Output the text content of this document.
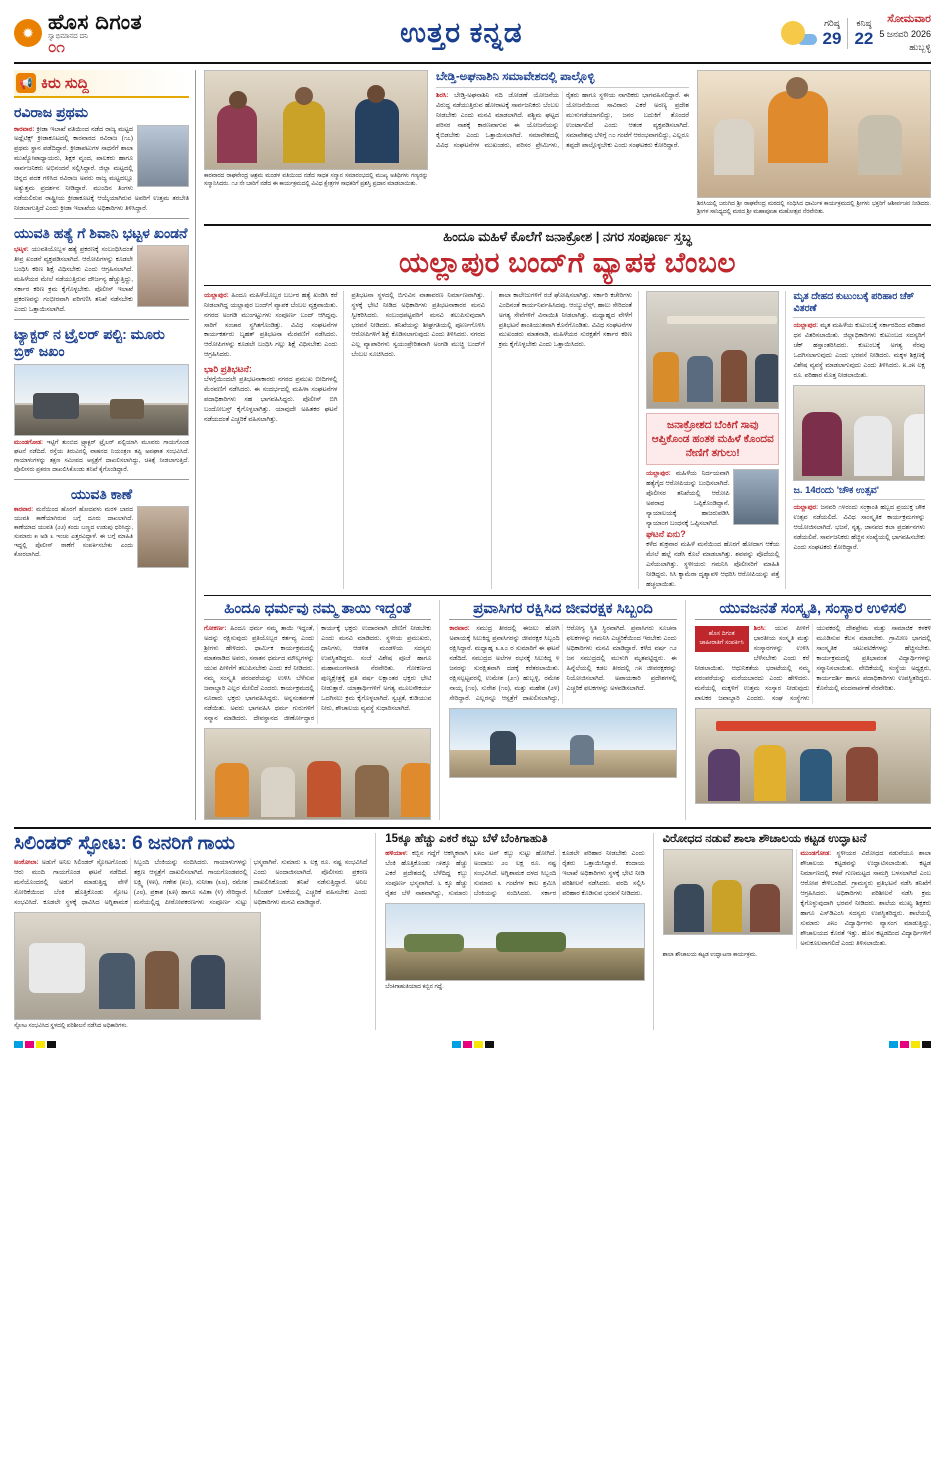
✹ ಹೊಸ ದಿಗಂತ
ಸ್ವಾಭಿಮಾನದ ದನಿ
೦೧	ಉತ್ತರ ಕನ್ನಡ	ಗರಿಷ್ಠ
29
ಕನಿಷ್ಠ
22
ಸೋಮವಾರ
5 ಜನವರಿ 2026
ಹುಬ್ಬಳ್ಳಿ
📢 ಕಿರು ಸುದ್ದಿ
ರವಿರಾಜ ಪ್ರಥಮ
ಕಾರವಾರ: ಕ್ರೀಡಾ ಇಲಾಖೆ ವತಿಯಿಂದ ನಡೆದ ರಾಜ್ಯ ಮಟ್ಟದ ಅಥ್ಲೆಟಿಕ್ಸ್ ಕ್ರೀಡಾಕೂಟದಲ್ಲಿ ಕಾರವಾರದ ರವಿರಾಜ (೧೭) ಪ್ರಥಮ ಸ್ಥಾನ ಪಡೆದಿದ್ದಾರೆ. ಕ್ರೀಡಾಪಟುಗಳ ಸಾಧನೆಗೆ ಶಾಲಾ ಮುಖ್ಯೋಪಾಧ್ಯಾಯರು, ಶಿಕ್ಷಕ ವೃಂದ, ಪಾಲಕರು ಹಾಗೂ ಸಾರ್ವಜನಿಕರು ಅಭಿನಂದನೆ ಸಲ್ಲಿಸಿದ್ದಾರೆ. ಜಿಲ್ಲಾ ಮಟ್ಟದಲ್ಲಿ ಚಿನ್ನದ ಪದಕ ಗಳಿಸಿದ ರವಿರಾಜ ಅವರು ರಾಜ್ಯ ಮಟ್ಟದಲ್ಲೂ ಅತ್ಯುತ್ತಮ ಪ್ರದರ್ಶನ ನೀಡಿದ್ದಾರೆ. ಮುಂದಿನ ತಿಂಗಳು ನಡೆಯಲಿರುವ ರಾಷ್ಟ್ರೀಯ ಕ್ರೀಡಾಕೂಟಕ್ಕೆ ಆಯ್ಕೆಯಾಗಿರುವ ಅವರಿಗೆ ಉತ್ತಮ ತರಬೇತಿ ನೀಡಲಾಗುತ್ತಿದೆ ಎಂದು ಕ್ರೀಡಾ ಇಲಾಖೆಯ ಅಧಿಕಾರಿಗಳು ತಿಳಿಸಿದ್ದಾರೆ.
ಯುವತಿ ಹತ್ಯೆ ಗೆ ಶಿವಾನಿ ಭಟ್ಟಳ ಖಂಡನೆ
ಭಟ್ಕಳ: ಯುವತಿಯೊಬ್ಬಳ ಹತ್ಯೆ ಪ್ರಕರಣಕ್ಕೆ ಸಂಬಂಧಿಸಿದಂತೆ ತೀವ್ರ ಖಂಡನೆ ವ್ಯಕ್ತಪಡಿಸಲಾಗಿದೆ. ಆರೋಪಿಗಳನ್ನು ಕೂಡಲೇ ಬಂಧಿಸಿ ಕಠಿಣ ಶಿಕ್ಷೆ ವಿಧಿಸಬೇಕು ಎಂದು ಆಗ್ರಹಿಸಲಾಗಿದೆ. ಮಹಿಳೆಯರ ಮೇಲೆ ನಡೆಯುತ್ತಿರುವ ದೌರ್ಜನ್ಯ ಹೆಚ್ಚುತ್ತಿದ್ದು, ಸರ್ಕಾರ ಕಠಿಣ ಕ್ರಮ ಕೈಗೊಳ್ಳಬೇಕು. ಪೊಲೀಸ್ ಇಲಾಖೆ ಪ್ರಕರಣವನ್ನು ಗಂಭೀರವಾಗಿ ಪರಿಗಣಿಸಿ ತನಿಖೆ ನಡೆಸಬೇಕು ಎಂದು ಒತ್ತಾಯಿಸಲಾಗಿದೆ.
ಟ್ಯಾಕ್ಟರ್ ನ ಟ್ರೈಲರ್ ಪಲ್ಟಿ: ಮೂರು ಬ್ರಿಕ್ ಜಖಂ
ಮುಂಡಗೋಡ: ಇಟ್ಟಿಗೆ ತುಂಬಿದ ಟ್ರ್ಯಾಕ್ಟರ್ ಟ್ರೈಲರ್ ಪಲ್ಟಿಯಾಗಿ ಮೂವರು ಗಾಯಗೊಂಡ ಘಟನೆ ನಡೆದಿದೆ. ರಸ್ತೆಯ ತಿರುವಿನಲ್ಲಿ ವಾಹನದ ನಿಯಂತ್ರಣ ತಪ್ಪಿ ಅಪಘಾತ ಸಂಭವಿಸಿದೆ. ಗಾಯಾಳುಗಳನ್ನು ತಕ್ಷಣ ಸಮೀಪದ ಆಸ್ಪತ್ರೆಗೆ ದಾಖಲಿಸಲಾಗಿದ್ದು, ಚಿಕಿತ್ಸೆ ನೀಡಲಾಗುತ್ತಿದೆ. ಪೊಲೀಸರು ಪ್ರಕರಣ ದಾಖಲಿಸಿಕೊಂಡು ತನಿಖೆ ಕೈಗೊಂಡಿದ್ದಾರೆ.
ಯುವತಿ ಕಾಣೆ
ಕಾರವಾರ: ಮನೆಯಿಂದ ಹೊರಗೆ ಹೋದವಳು ಮರಳಿ ಬಾರದ ಯುವತಿ ಕಾಣೆಯಾಗಿರುವ ಬಗ್ಗೆ ದೂರು ದಾಖಲಾಗಿದೆ. ಕಾಣೆಯಾದ ಯುವತಿ (೨೨) ಕಂದು ಬಣ್ಣದ ಉಡುಪು ಧರಿಸಿದ್ದು, ಸುಮಾರು ೫ ಅಡಿ ೩ ಇಂಚು ಎತ್ತರವಿದ್ದಾಳೆ. ಈ ಬಗ್ಗೆ ಮಾಹಿತಿ ಇದ್ದಲ್ಲಿ ಪೊಲೀಸ್ ಠಾಣೆಗೆ ಸಂಪರ್ಕಿಸಬೇಕು ಎಂದು ಕೋರಲಾಗಿದೆ.
ಕಾರವಾರದ ರಾಘವೇಂದ್ರ ಆಶ್ರಮ ಮಂಡಳ ವತಿಯಿಂದ ನಡೆದ ಸಾಧಕ ಸನ್ಮಾನ ಸಮಾರಂಭದಲ್ಲಿ ಮುಖ್ಯ ಅತಿಥಿಗಳು ಗಣ್ಯರನ್ನು ಸನ್ಮಾನಿಸಿದರು. ೧೨ ನೇ ಬಾರಿಗೆ ನಡೆದ ಈ ಕಾರ್ಯಕ್ರಮದಲ್ಲಿ ವಿವಿಧ ಕ್ಷೇತ್ರಗಳ ಸಾಧಕರಿಗೆ ಪ್ರಶಸ್ತಿ ಪ್ರದಾನ ಮಾಡಲಾಯಿತು.
ಬೇಡ್ತಿ-ಅಘನಾಶಿನಿ ಸಮಾವೇಶದಲ್ಲಿ ಪಾಲ್ಗೊಳ್ಳಿ
ಶಿರಸಿ: ಬೇಡ್ತಿ-ಅಘನಾಶಿನಿ ನದಿ ಜೋಡಣೆ ಯೋಜನೆಯ ವಿರುದ್ಧ ನಡೆಯುತ್ತಿರುವ ಹೋರಾಟಕ್ಕೆ ಸಾರ್ವಜನಿಕರು ಬೆಂಬಲ ನೀಡಬೇಕು ಎಂದು ಮನವಿ ಮಾಡಲಾಗಿದೆ. ಪಶ್ಚಿಮ ಘಟ್ಟದ ಪರಿಸರ ನಾಶಕ್ಕೆ ಕಾರಣವಾಗುವ ಈ ಯೋಜನೆಯನ್ನು ಕೈಬಿಡಬೇಕು ಎಂದು ಒತ್ತಾಯಿಸಲಾಗಿದೆ. ಸಮಾವೇಶದಲ್ಲಿ ವಿವಿಧ ಸಂಘಟನೆಗಳ ಮುಖಂಡರು, ಪರಿಸರ ಪ್ರೇಮಿಗಳು, ರೈತರು ಹಾಗೂ ಸ್ಥಳೀಯ ನಾಗರಿಕರು ಭಾಗವಹಿಸಲಿದ್ದಾರೆ. ಈ ಯೋಜನೆಯಿಂದ ಸಾವಿರಾರು ಎಕರೆ ಅರಣ್ಯ ಪ್ರದೇಶ ಮುಳುಗಡೆಯಾಗಲಿದ್ದು, ಜನರ ಬದುಕಿಗೆ ತೊಂದರೆ ಉಂಟಾಗಲಿದೆ ಎಂದು ಆತಂಕ ವ್ಯಕ್ತಪಡಿಸಲಾಗಿದೆ. ಸಮಾವೇಶವು ಬೆಳಿಗ್ಗೆ ೧೦ ಗಂಟೆಗೆ ಆರಂಭವಾಗಲಿದ್ದು, ಎಲ್ಲರೂ ತಪ್ಪದೇ ಪಾಲ್ಗೊಳ್ಳಬೇಕು ಎಂದು ಸಂಘಟಕರು ಕೋರಿದ್ದಾರೆ.
ಶಿರಸಿಯಲ್ಲಿ ಜರುಗಿದ ಶ್ರೀ ರಾಘವೇಂದ್ರ ಮಠದಲ್ಲಿ ಸಂಧಿಸಿದ ಧಾರ್ಮಿಕ ಕಾರ್ಯಕ್ರಮದಲ್ಲಿ ಶ್ರೀಗಳು ಭಕ್ತರಿಗೆ ಆಶೀರ್ವಚನ ನೀಡಿದರು. ಶ್ರೀಗಳ ಸಾನಿಧ್ಯದಲ್ಲಿ ಮಠದ ಶ್ರೀ ಮಹಾಪೂಜಾ ಮಹೋತ್ಸವ ನೆರವೇರಿತು.
ಹಿಂದೂ ಮಹಿಳೆ ಕೊಲೆಗೆ ಜನಾಕ್ರೋಶ | ನಗರ ಸಂಪೂರ್ಣ ಸ್ತಬ್ಧ
ಯಲ್ಲಾಪುರ ಬಂದ್‌ಗೆ ವ್ಯಾಪಕ ಬೆಂಬಲ
ಯಲ್ಲಾಪುರ: ಹಿಂದೂ ಮಹಿಳೆಯೊಬ್ಬರ ಬರ್ಬರ ಹತ್ಯೆ ಖಂಡಿಸಿ ಕರೆ ನೀಡಲಾಗಿದ್ದ ಯಲ್ಲಾಪುರ ಬಂದ್‌ಗೆ ವ್ಯಾಪಕ ಬೆಂಬಲ ವ್ಯಕ್ತವಾಯಿತು. ನಗರದ ಅಂಗಡಿ ಮುಂಗಟ್ಟುಗಳು ಸಂಪೂರ್ಣ ಬಂದ್ ಆಗಿದ್ದವು. ಸಾರಿಗೆ ಸಂಚಾರ ಸ್ಥಗಿತಗೊಂಡಿತ್ತು. ವಿವಿಧ ಸಂಘಟನೆಗಳ ಕಾರ್ಯಕರ್ತರು ಬೃಹತ್ ಪ್ರತಿಭಟನಾ ಮೆರವಣಿಗೆ ನಡೆಸಿದರು. ಆರೋಪಿಗಳನ್ನು ಕೂಡಲೇ ಬಂಧಿಸಿ ಗಲ್ಲು ಶಿಕ್ಷೆ ವಿಧಿಸಬೇಕು ಎಂದು ಆಗ್ರಹಿಸಿದರು.
ಭಾರಿ ಪ್ರತಿಭಟನೆ:
ಬೆಳಗ್ಗೆಯಿಂದಲೇ ಪ್ರತಿಭಟನಾಕಾರರು ನಗರದ ಪ್ರಮುಖ ಬೀದಿಗಳಲ್ಲಿ ಮೆರವಣಿಗೆ ನಡೆಸಿದರು. ಈ ಸಂದರ್ಭದಲ್ಲಿ ಮಹಿಳಾ ಸಂಘಟನೆಗಳ ಪದಾಧಿಕಾರಿಗಳು ಸಹ ಭಾಗವಹಿಸಿದ್ದರು. ಪೊಲೀಸ್ ಬಿಗಿ ಬಂದೋಬಸ್ತ್ ಕೈಗೊಳ್ಳಲಾಗಿತ್ತು. ಯಾವುದೇ ಅಹಿತಕರ ಘಟನೆ ನಡೆಯದಂತೆ ಎಚ್ಚರಿಕೆ ವಹಿಸಲಾಗಿತ್ತು.
ಪ್ರತಿಭಟನಾ ಸ್ಥಳದಲ್ಲಿ ಬಿಗುವಿನ ವಾತಾವರಣ ನಿರ್ಮಾಣವಾಗಿತ್ತು. ಸ್ಥಳಕ್ಕೆ ಭೇಟಿ ನೀಡಿದ ಅಧಿಕಾರಿಗಳು ಪ್ರತಿಭಟನಾಕಾರರ ಮನವಿ ಸ್ವೀಕರಿಸಿದರು. ಸಂಬಂಧಪಟ್ಟವರಿಗೆ ಮನವಿ ತಲುಪಿಸುವುದಾಗಿ ಭರವಸೆ ನೀಡಿದರು. ತನಿಖೆಯನ್ನು ಶೀಘ್ರಗತಿಯಲ್ಲಿ ಪೂರ್ಣಗೊಳಿಸಿ ಆರೋಪಿಗಳಿಗೆ ಶಿಕ್ಷೆ ಕೊಡಿಸಲಾಗುವುದು ಎಂದು ತಿಳಿಸಿದರು. ನಗರದ ಎಲ್ಲ ವ್ಯಾಪಾರಿಗಳು ಸ್ವಯಂಪ್ರೇರಿತವಾಗಿ ಅಂಗಡಿ ಮುಚ್ಚಿ ಬಂದ್‌ಗೆ ಬೆಂಬಲ ಸೂಚಿಸಿದರು.
ಶಾಲಾ ಕಾಲೇಜುಗಳಿಗೆ ರಜೆ ಘೋಷಿಸಲಾಗಿತ್ತು. ಸರ್ಕಾರಿ ಕಚೇರಿಗಳು ಎಂದಿನಂತೆ ಕಾರ್ಯನಿರ್ವಹಿಸಿದವು. ಆಂಬ್ಯುಲೆನ್ಸ್, ಹಾಲು ಸೇರಿದಂತೆ ಅಗತ್ಯ ಸೇವೆಗಳಿಗೆ ವಿನಾಯಿತಿ ನೀಡಲಾಗಿತ್ತು. ಮಧ್ಯಾಹ್ನದ ವೇಳೆಗೆ ಪ್ರತಿಭಟನೆ ಶಾಂತಿಯುತವಾಗಿ ಕೊನೆಗೊಂಡಿತು. ವಿವಿಧ ಸಂಘಟನೆಗಳ ಮುಖಂಡರು ಮಾತನಾಡಿ, ಮಹಿಳೆಯರ ಸುರಕ್ಷತೆಗೆ ಸರ್ಕಾರ ಕಠಿಣ ಕ್ರಮ ಕೈಗೊಳ್ಳಬೇಕು ಎಂದು ಒತ್ತಾಯಿಸಿದರು.
ಜನಾಕ್ರೋಶದ ಬೆಂಕಿಗೆ ಸಾವು ಆಪ್ತಿಕೊಂಡ ಹಂತಕ ಮಹಿಳೆ ಕೊಂದವ ನೇಣಿಗೆ ತಗುಲು!
ಯಲ್ಲಾಪುರ: ಮಹಿಳೆಯ ನಿರ್ದಯವಾಗಿ ಹತ್ಯೆಗೈದ ಆರೋಪಿಯನ್ನು ಬಂಧಿಸಲಾಗಿದೆ. ಪೊಲೀಸರ ತನಿಖೆಯಲ್ಲಿ ಆರೋಪಿ ಅಪರಾಧ ಒಪ್ಪಿಕೊಂಡಿದ್ದಾನೆ. ನ್ಯಾಯಾಲಯಕ್ಕೆ ಹಾಜರುಪಡಿಸಿ ನ್ಯಾಯಾಂಗ ಬಂಧನಕ್ಕೆ ಒಪ್ಪಿಸಲಾಗಿದೆ.
ಘಟನೆ ಏನು?
ಕಳೆದ ಶುಕ್ರವಾರ ಮಹಿಳೆ ಮನೆಯಿಂದ ಹೊರಗೆ ಹೋದಾಗ ಆಕೆಯ ಮೇಲೆ ಹಲ್ಲೆ ನಡೆಸಿ ಕೊಲೆ ಮಾಡಲಾಗಿತ್ತು. ಶವವನ್ನು ಪೊದೆಯಲ್ಲಿ ಎಸೆಯಲಾಗಿತ್ತು. ಸ್ಥಳೀಯರು ಗಮನಿಸಿ ಪೊಲೀಸರಿಗೆ ಮಾಹಿತಿ ನೀಡಿದ್ದರು. ಸಿಸಿ ಕ್ಯಾಮೆರಾ ದೃಶ್ಯಾವಳಿ ಆಧರಿಸಿ ಆರೋಪಿಯನ್ನು ಪತ್ತೆ ಹಚ್ಚಲಾಯಿತು.
ಮೃತ ದೇಹದ ಕುಟುಂಬಕ್ಕೆ ಪರಿಹಾರ ಚೆಕ್ ವಿತರಣೆ
ಯಲ್ಲಾಪುರ: ಮೃತ ಮಹಿಳೆಯ ಕುಟುಂಬಕ್ಕೆ ಸರ್ಕಾರದಿಂದ ಪರಿಹಾರ ಧನ ವಿತರಿಸಲಾಯಿತು. ಜಿಲ್ಲಾಧಿಕಾರಿಗಳು ಕುಟುಂಬದ ಸದಸ್ಯರಿಗೆ ಚೆಕ್ ಹಸ್ತಾಂತರಿಸಿದರು. ಕುಟುಂಬಕ್ಕೆ ಅಗತ್ಯ ನೆರವು ಒದಗಿಸಲಾಗುವುದು ಎಂದು ಭರವಸೆ ನೀಡಿದರು. ಮಕ್ಕಳ ಶಿಕ್ಷಣಕ್ಕೆ ವಿಶೇಷ ವ್ಯವಸ್ಥೆ ಮಾಡಲಾಗುವುದು ಎಂದು ತಿಳಿಸಿದರು. ೫.೨೫ ಲಕ್ಷ ರೂ. ಪರಿಹಾರ ಮೊತ್ತ ನೀಡಲಾಯಿತು.
ಜ. 14ರಂದು 'ಚೌಕ ಉತ್ಸವ'
ಯಲ್ಲಾಪುರ: ಜನವರಿ ೧೪ರಂದು ಸಂಕ್ರಾಂತಿ ಹಬ್ಬದ ಪ್ರಯುಕ್ತ ಚೌಕ ಉತ್ಸವ ನಡೆಯಲಿದೆ. ವಿವಿಧ ಸಾಂಸ್ಕೃತಿಕ ಕಾರ್ಯಕ್ರಮಗಳನ್ನು ಆಯೋಜಿಸಲಾಗಿದೆ. ಭಜನೆ, ನೃತ್ಯ, ಜಾನಪದ ಕಲಾ ಪ್ರದರ್ಶನಗಳು ನಡೆಯಲಿವೆ. ಸಾರ್ವಜನಿಕರು ಹೆಚ್ಚಿನ ಸಂಖ್ಯೆಯಲ್ಲಿ ಭಾಗವಹಿಸಬೇಕು ಎಂದು ಸಂಘಟಕರು ಕೋರಿದ್ದಾರೆ.
ಹಿಂದೂ ಧರ್ಮವು ನಮ್ಮ ತಾಯಿ ಇದ್ದಂತೆ
ಗೋಕರ್ಣ: ಹಿಂದೂ ಧರ್ಮ ನಮ್ಮ ತಾಯಿ ಇದ್ದಂತೆ, ಅದನ್ನು ರಕ್ಷಿಸುವುದು ಪ್ರತಿಯೊಬ್ಬರ ಕರ್ತವ್ಯ ಎಂದು ಶ್ರೀಗಳು ಹೇಳಿದರು. ಧಾರ್ಮಿಕ ಕಾರ್ಯಕ್ರಮದಲ್ಲಿ ಮಾತನಾಡಿದ ಅವರು, ಸನಾತನ ಧರ್ಮದ ಮೌಲ್ಯಗಳನ್ನು ಯುವ ಪೀಳಿಗೆಗೆ ತಲುಪಿಸಬೇಕು ಎಂದು ಕರೆ ನೀಡಿದರು. ನಮ್ಮ ಸಂಸ್ಕೃತಿ ಪರಂಪರೆಯನ್ನು ಉಳಿಸಿ ಬೆಳೆಸುವ ಜವಾಬ್ದಾರಿ ಎಲ್ಲರ ಮೇಲಿದೆ ಎಂದರು. ಕಾರ್ಯಕ್ರಮದಲ್ಲಿ ನೂರಾರು ಭಕ್ತರು ಭಾಗವಹಿಸಿದ್ದರು. ಅನ್ನಸಂತರ್ಪಣೆ ನಡೆಯಿತು. ಅವರು ಭಾಗವಹಿಸಿ ಧರ್ಮ ಗುರುಗಳಿಗೆ ಸನ್ಮಾನ ಮಾಡಿದರು. ದೇವಸ್ಥಾನದ ಜೀರ್ಣೋದ್ಧಾರ ಕಾರ್ಯಕ್ಕೆ ಭಕ್ತರು ಉದಾರವಾಗಿ ದೇಣಿಗೆ ನೀಡಬೇಕು ಎಂದು ಮನವಿ ಮಾಡಿದರು. ಸ್ಥಳೀಯ ಪ್ರಮುಖರು, ದಾನಿಗಳು, ಆಡಳಿತ ಮಂಡಳಿಯ ಸದಸ್ಯರು ಉಪಸ್ಥಿತರಿದ್ದರು. ಸಂಜೆ ವಿಶೇಷ ಪೂಜೆ ಹಾಗೂ ಮಹಾಮಂಗಳಾರತಿ ನೆರವೇರಿತು. ಗೋಕರ್ಣದ ಪುಣ್ಯಕ್ಷೇತ್ರಕ್ಕೆ ಪ್ರತಿ ವರ್ಷ ಲಕ್ಷಾಂತರ ಭಕ್ತರು ಭೇಟಿ ನೀಡುತ್ತಾರೆ. ಯಾತ್ರಾರ್ಥಿಗಳಿಗೆ ಅಗತ್ಯ ಮೂಲಸೌಕರ್ಯ ಒದಗಿಸಲು ಕ್ರಮ ಕೈಗೊಳ್ಳಲಾಗಿದೆ. ಸ್ವಚ್ಛತೆ, ಕುಡಿಯುವ ನೀರು, ಶೌಚಾಲಯ ವ್ಯವಸ್ಥೆ ಸುಧಾರಿಸಲಾಗಿದೆ.
ಪ್ರವಾಸಿಗರ ರಕ್ಷಿಸಿದ ಜೀವರಕ್ಷಕ ಸಿಬ್ಬಂದಿ
ಕಾರವಾರ: ಸಮುದ್ರ ತೀರದಲ್ಲಿ ಈಜಲು ಹೋಗಿ ಅಪಾಯಕ್ಕೆ ಸಿಲುಕಿದ್ದ ಪ್ರವಾಸಿಗರನ್ನು ಜೀವರಕ್ಷಕ ಸಿಬ್ಬಂದಿ ರಕ್ಷಿಸಿದ್ದಾರೆ. ಮಧ್ಯಾಹ್ನ ೩.೩೦ ರ ಸುಮಾರಿಗೆ ಈ ಘಟನೆ ನಡೆದಿದೆ. ಸಮುದ್ರದ ಅಲೆಗಳ ರಭಸಕ್ಕೆ ಸಿಲುಕಿದ್ದ ೪ ಜನರನ್ನು ಸುರಕ್ಷಿತವಾಗಿ ದಡಕ್ಕೆ ಕರೆತರಲಾಯಿತು. ರಕ್ಷಿಸಲ್ಪಟ್ಟವರಲ್ಲಿ ಉಮೇಶ (೨೧) ಹುಬ್ಬಳ್ಳಿ, ರಮೇಶ ನಾಯ್ಕ (೧೮), ಸುರೇಶ (೧೮), ಮತ್ತು ಮಹೇಶ (೨೪) ಸೇರಿದ್ದಾರೆ. ಎಲ್ಲರನ್ನೂ ಆಸ್ಪತ್ರೆಗೆ ದಾಖಲಿಸಲಾಗಿದ್ದು, ಆರೋಗ್ಯ ಸ್ಥಿತಿ ಸ್ಥಿರವಾಗಿದೆ. ಪ್ರವಾಸಿಗರು ಸೂಚನಾ ಫಲಕಗಳನ್ನು ಗಮನಿಸಿ ಎಚ್ಚರಿಕೆಯಿಂದ ಇರಬೇಕು ಎಂದು ಅಧಿಕಾರಿಗಳು ಮನವಿ ಮಾಡಿದ್ದಾರೆ. ಕಳೆದ ವರ್ಷ ೧೨ ಜನ ಸಮುದ್ರದಲ್ಲಿ ಮುಳುಗಿ ಮೃತಪಟ್ಟಿದ್ದರು. ಈ ಹಿನ್ನೆಲೆಯಲ್ಲಿ ಕಡಲ ತೀರದಲ್ಲಿ ೧೫ ಜೀವರಕ್ಷಕರನ್ನು ನಿಯೋಜಿಸಲಾಗಿದೆ. ಅಪಾಯಕಾರಿ ಪ್ರದೇಶಗಳಲ್ಲಿ ಎಚ್ಚರಿಕೆ ಫಲಕಗಳನ್ನು ಅಳವಡಿಸಲಾಗಿದೆ.
ಯುವಜನತೆ ಸಂಸ್ಕೃತಿ, ಸಂಸ್ಕಾರ ಉಳಿಸಲಿ
ಹೊಸ ದಿಗಂತ ಜಾಹೀರಾತಿಗೆ ಸಂಪರ್ಕಿಸಿ
ಶಿರಸಿ: ಯುವ ಪೀಳಿಗೆ ಭಾರತೀಯ ಸಂಸ್ಕೃತಿ ಮತ್ತು ಸಂಸ್ಕಾರಗಳನ್ನು ಉಳಿಸಿ ಬೆಳೆಸಬೇಕು ಎಂದು ಕರೆ ನೀಡಲಾಯಿತು. ಆಧುನಿಕತೆಯ ಭರಾಟೆಯಲ್ಲಿ ನಮ್ಮ ಪರಂಪರೆಯನ್ನು ಮರೆಯಬಾರದು ಎಂದು ಹೇಳಿದರು. ಮನೆಯಲ್ಲಿ ಮಕ್ಕಳಿಗೆ ಉತ್ತಮ ಸಂಸ್ಕಾರ ನೀಡುವುದು ಪಾಲಕರ ಜವಾಬ್ದಾರಿ ಎಂದರು. ಸಂಘ ಸಂಸ್ಥೆಗಳು ಯುವಕರಲ್ಲಿ ದೇಶಪ್ರೇಮ ಮತ್ತು ಸಾಮಾಜಿಕ ಕಳಕಳಿ ಮೂಡಿಸುವ ಕೆಲಸ ಮಾಡಬೇಕು. ಗ್ರಾಮೀಣ ಭಾಗದಲ್ಲಿ ಸಾಂಸ್ಕೃತಿಕ ಚಟುವಟಿಕೆಗಳನ್ನು ಹೆಚ್ಚಿಸಬೇಕು. ಕಾರ್ಯಕ್ರಮದಲ್ಲಿ ಪ್ರತಿಭಾವಂತ ವಿದ್ಯಾರ್ಥಿಗಳನ್ನು ಸನ್ಮಾನಿಸಲಾಯಿತು. ವೇದಿಕೆಯಲ್ಲಿ ಸಂಸ್ಥೆಯ ಅಧ್ಯಕ್ಷರು, ಕಾರ್ಯದರ್ಶಿ ಹಾಗೂ ಪದಾಧಿಕಾರಿಗಳು ಉಪಸ್ಥಿತರಿದ್ದರು. ಕೊನೆಯಲ್ಲಿ ವಂದನಾರ್ಪಣೆ ನೆರವೇರಿತು.
ಸಿಲಿಂಡರ್ ಸ್ಫೋಟ: 6 ಜನರಿಗೆ ಗಾಯ
ಅಂಕೋಲಾ: ಅಡುಗೆ ಅನಿಲ ಸಿಲಿಂಡರ್ ಸ್ಫೋಟಗೊಂಡು ಆರು ಮಂದಿ ಗಾಯಗೊಂಡ ಘಟನೆ ನಡೆದಿದೆ. ಮನೆಯೊಂದರಲ್ಲಿ ಅಡುಗೆ ಮಾಡುತ್ತಿದ್ದ ವೇಳೆ ಸೋರಿಕೆಯಿಂದ ಬೆಂಕಿ ಹೊತ್ತಿಕೊಂಡು ಸ್ಫೋಟ ಸಂಭವಿಸಿದೆ. ಕೂಡಲೇ ಸ್ಥಳಕ್ಕೆ ಧಾವಿಸಿದ ಅಗ್ನಿಶಾಮಕ ಸಿಬ್ಬಂದಿ ಬೆಂಕಿಯನ್ನು ನಂದಿಸಿದರು. ಗಾಯಾಳುಗಳನ್ನು ತಕ್ಷಣ ಆಸ್ಪತ್ರೆಗೆ ದಾಖಲಿಸಲಾಗಿದೆ. ಗಾಯಗೊಂಡವರಲ್ಲಿ ಲಕ್ಷ್ಮಿ (೪೫), ಗಣೇಶ (೫೦), ಸುನೀತಾ (೩೮), ರಮೇಶ (೨೮), ಪ್ರಕಾಶ (೩೫) ಹಾಗೂ ಸವಿತಾ (೪) ಸೇರಿದ್ದಾರೆ. ಮನೆಯಲ್ಲಿದ್ದ ಪೀಠೋಪಕರಣಗಳು ಸಂಪೂರ್ಣ ಸುಟ್ಟು ಭಸ್ಮವಾಗಿವೆ. ಸುಮಾರು ೩ ಲಕ್ಷ ರೂ. ನಷ್ಟ ಸಂಭವಿಸಿದೆ ಎಂದು ಅಂದಾಜಿಸಲಾಗಿದೆ. ಪೊಲೀಸರು ಪ್ರಕರಣ ದಾಖಲಿಸಿಕೊಂಡು ತನಿಖೆ ನಡೆಸುತ್ತಿದ್ದಾರೆ. ಅನಿಲ ಸಿಲಿಂಡರ್ ಬಳಕೆಯಲ್ಲಿ ಎಚ್ಚರಿಕೆ ವಹಿಸಬೇಕು ಎಂದು ಅಧಿಕಾರಿಗಳು ಮನವಿ ಮಾಡಿದ್ದಾರೆ.
ಸ್ಫೋಟ ಸಂಭವಿಸಿದ ಸ್ಥಳದಲ್ಲಿ ಪರಿಶೀಲನೆ ನಡೆಸಿದ ಅಧಿಕಾರಿಗಳು.
15ಕ್ಕೂ ಹೆಚ್ಚು ಎಕರೆ ಕಬ್ಬು ಬೆಳೆ ಬೆಂಕಿಗಾಹುತಿ
ಹಳಿಯಾಳ: ಕಬ್ಬಿನ ಗದ್ದೆಗೆ ಆಕಸ್ಮಿಕವಾಗಿ ಬೆಂಕಿ ಹೊತ್ತಿಕೊಂಡು ೧೫ಕ್ಕೂ ಹೆಚ್ಚು ಎಕರೆ ಪ್ರದೇಶದಲ್ಲಿ ಬೆಳೆದಿದ್ದ ಕಬ್ಬು ಸಂಪೂರ್ಣ ಭಸ್ಮವಾಗಿದೆ. ೬ ಕ್ಕೂ ಹೆಚ್ಚು ರೈತರ ಬೆಳೆ ನಾಶವಾಗಿದ್ದು, ಸುಮಾರು ೩೫೦ ಟನ್ ಕಬ್ಬು ಸುಟ್ಟು ಹೋಗಿದೆ. ಅಂದಾಜು ೨೦ ಲಕ್ಷ ರೂ. ನಷ್ಟ ಸಂಭವಿಸಿದೆ. ಅಗ್ನಿಶಾಮಕ ದಳದ ಸಿಬ್ಬಂದಿ ಸುಮಾರು ೩ ಗಂಟೆಗಳ ಕಾಲ ಶ್ರಮಿಸಿ ಬೆಂಕಿಯನ್ನು ನಂದಿಸಿದರು. ಸರ್ಕಾರ ಕೂಡಲೇ ಪರಿಹಾರ ನೀಡಬೇಕು ಎಂದು ರೈತರು ಒತ್ತಾಯಿಸಿದ್ದಾರೆ. ಕಂದಾಯ ಇಲಾಖೆ ಅಧಿಕಾರಿಗಳು ಸ್ಥಳಕ್ಕೆ ಭೇಟಿ ನೀಡಿ ಪರಿಶೀಲನೆ ನಡೆಸಿದರು. ವರದಿ ಸಲ್ಲಿಸಿ ಪರಿಹಾರ ಕೊಡಿಸುವ ಭರವಸೆ ನೀಡಿದರು.
ಬೆಂಕಿಗಾಹುತಿಯಾದ ಕಬ್ಬಿನ ಗದ್ದೆ.
ವಿರೋಧದ ನಡುವೆ ಶಾಲಾ ಶೌಚಾಲಯ ಕಟ್ಟಡ ಉದ್ಘಾಟನೆ
ಮುಂಡಗೋಡ: ಸ್ಥಳೀಯರ ವಿರೋಧದ ನಡುವೆಯೂ ಶಾಲಾ ಶೌಚಾಲಯ ಕಟ್ಟಡವನ್ನು ಉದ್ಘಾಟಿಸಲಾಯಿತು. ಕಟ್ಟಡ ನಿರ್ಮಾಣದಲ್ಲಿ ಕಳಪೆ ಗುಣಮಟ್ಟದ ಸಾಮಗ್ರಿ ಬಳಸಲಾಗಿದೆ ಎಂಬ ಆರೋಪ ಕೇಳಿಬಂದಿದೆ. ಗ್ರಾಮಸ್ಥರು ಪ್ರತಿಭಟನೆ ನಡೆಸಿ ತನಿಖೆಗೆ ಆಗ್ರಹಿಸಿದರು. ಅಧಿಕಾರಿಗಳು ಪರಿಶೀಲನೆ ನಡೆಸಿ ಕ್ರಮ ಕೈಗೊಳ್ಳುವುದಾಗಿ ಭರವಸೆ ನೀಡಿದರು. ಶಾಲೆಯ ಮುಖ್ಯ ಶಿಕ್ಷಕರು ಹಾಗೂ ಎಸ್‌ಡಿಎಂಸಿ ಸದಸ್ಯರು ಉಪಸ್ಥಿತರಿದ್ದರು. ಶಾಲೆಯಲ್ಲಿ ಸುಮಾರು ೨೫೦ ವಿದ್ಯಾರ್ಥಿಗಳು ವ್ಯಾಸಂಗ ಮಾಡುತ್ತಿದ್ದು, ಶೌಚಾಲಯದ ಕೊರತೆ ಇತ್ತು. ಹೊಸ ಕಟ್ಟಡದಿಂದ ವಿದ್ಯಾರ್ಥಿಗಳಿಗೆ ಅನುಕೂಲವಾಗಲಿದೆ ಎಂದು ತಿಳಿಸಲಾಯಿತು.
ಶಾಲಾ ಶೌಚಾಲಯ ಕಟ್ಟಡ ಉದ್ಘಾಟನಾ ಕಾರ್ಯಕ್ರಮ.
